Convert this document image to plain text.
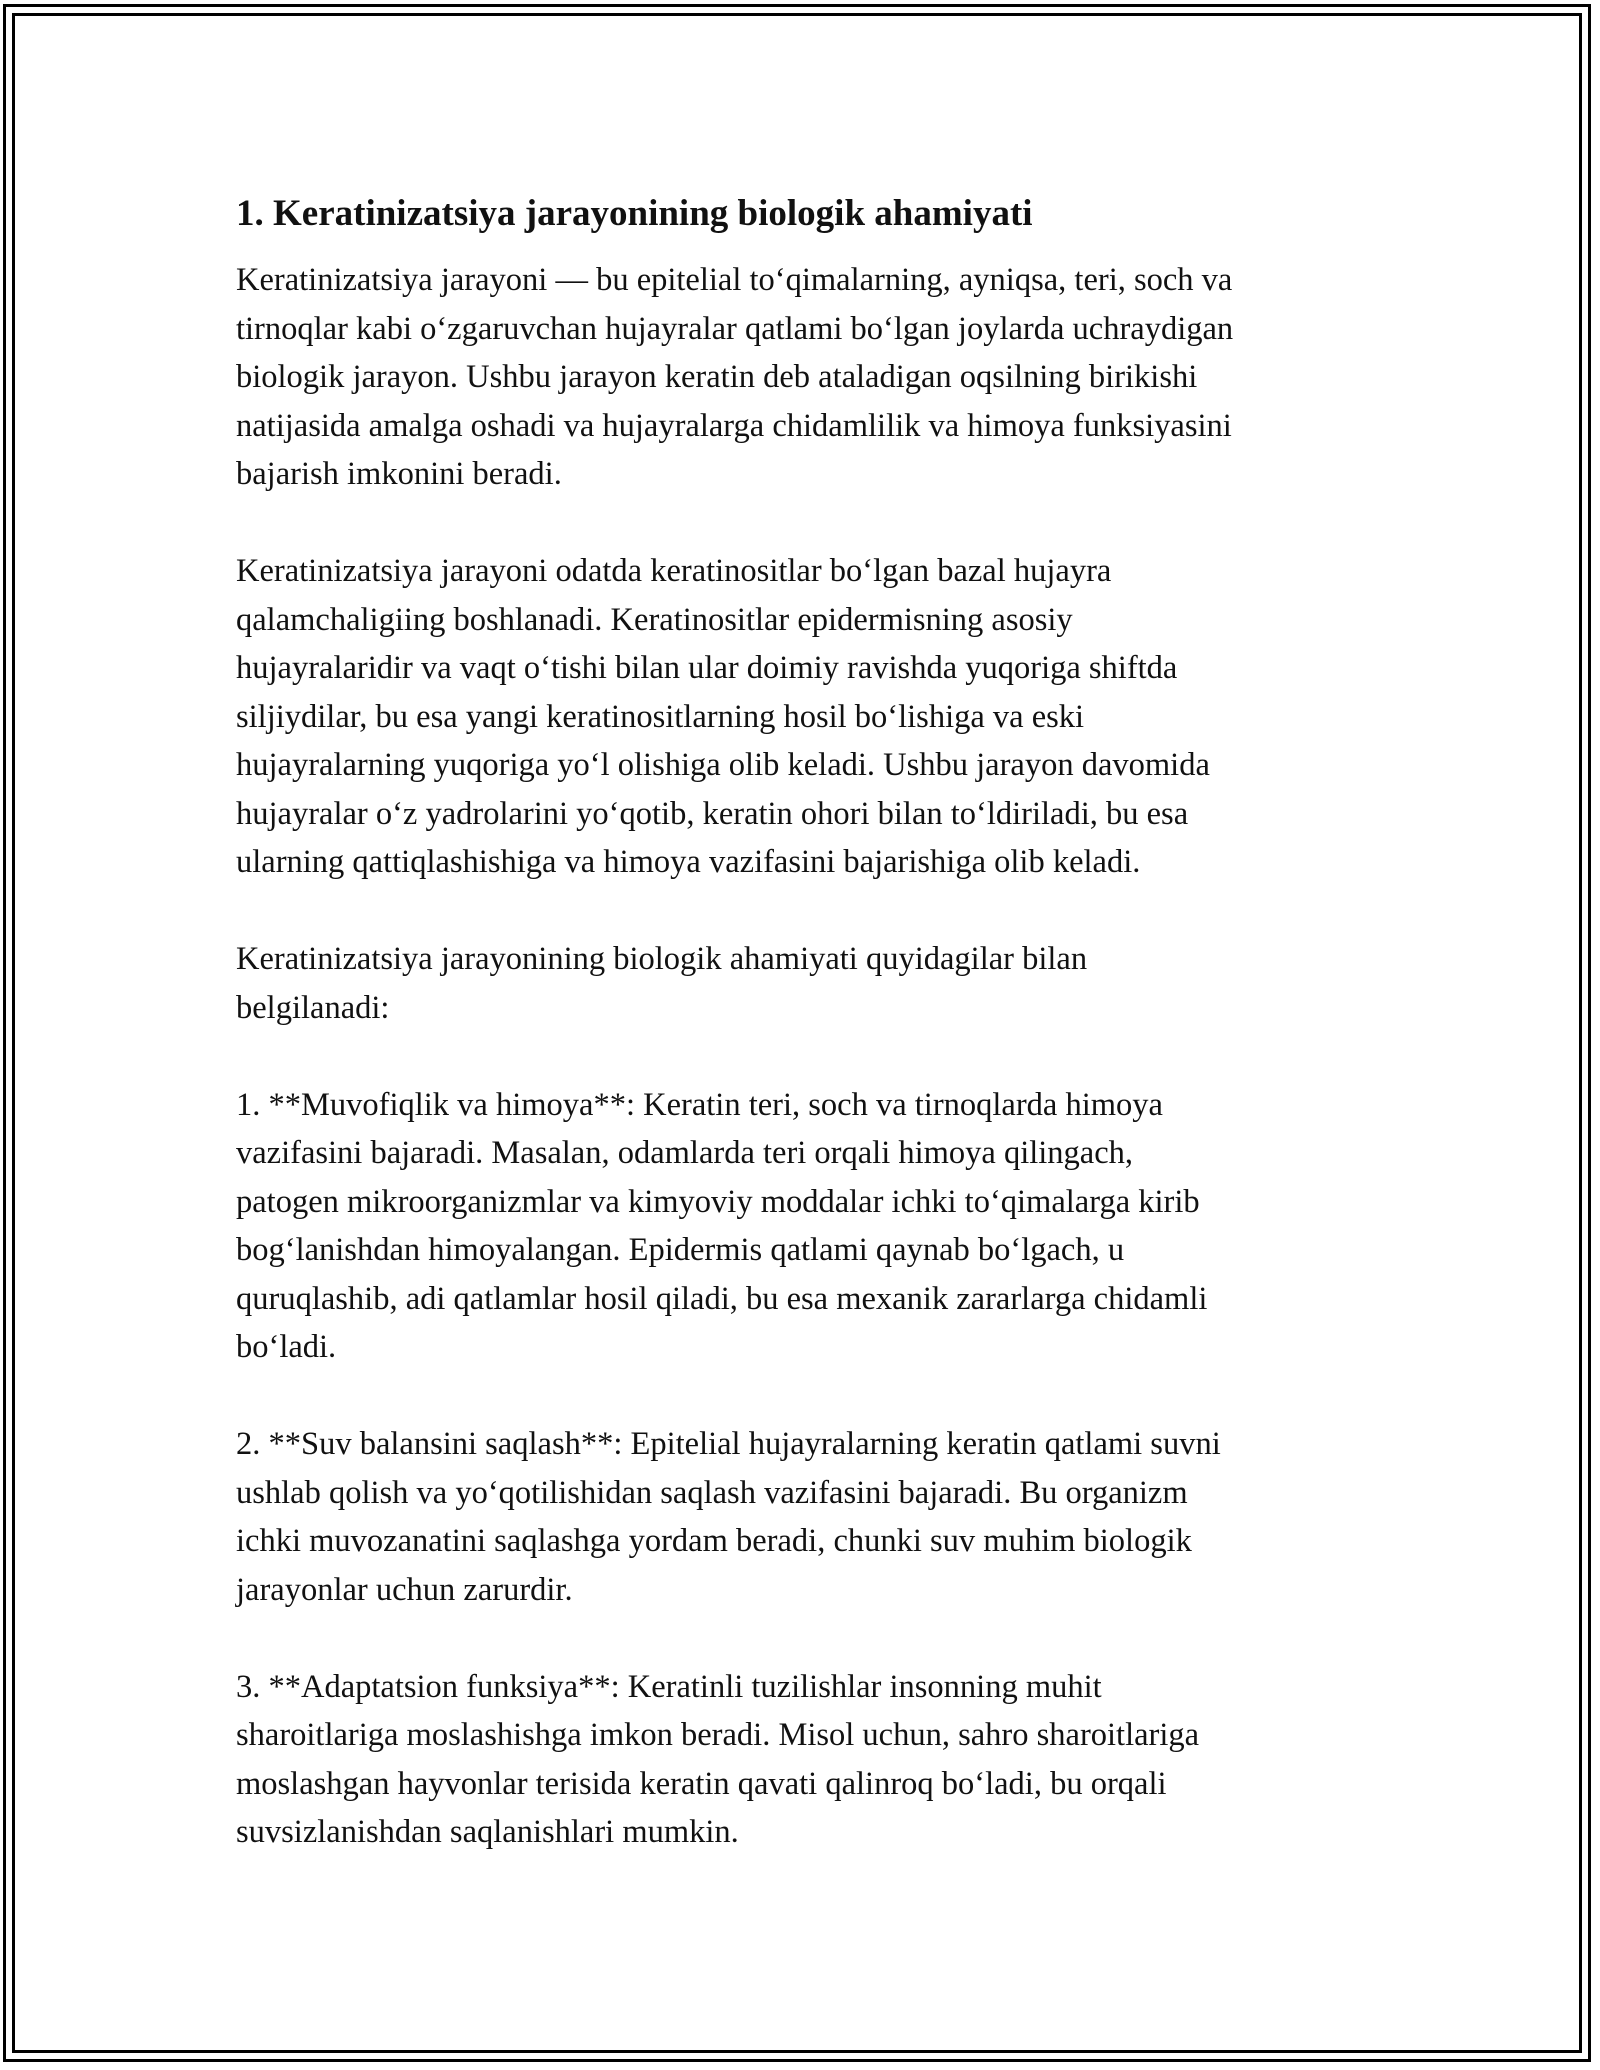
1. Keratinizatsiya jarayonining biologik ahamiyati

Keratinizatsiya jarayoni — bu epitelial to‘qimalarning, ayniqsa, teri, soch va
tirnoqlar kabi o‘zgaruvchan hujayralar qatlami bo‘lgan joylarda uchraydigan
biologik jarayon. Ushbu jarayon keratin deb ataladigan oqsilning birikishi
natijasida amalga oshadi va hujayralarga chidamlilik va himoya funksiyasini
bajarish imkonini beradi.

Keratinizatsiya jarayoni odatda keratinositlar bo‘lgan bazal hujayra
qalamchaligiing boshlanadi. Keratinositlar epidermisning asosiy
hujayralaridir va vaqt o‘tishi bilan ular doimiy ravishda yuqoriga shiftda
siljiydilar, bu esa yangi keratinositlarning hosil bo‘lishiga va eski
hujayralarning yuqoriga yo‘l olishiga olib keladi. Ushbu jarayon davomida
hujayralar o‘z yadrolarini yo‘qotib, keratin ohori bilan to‘ldiriladi, bu esa
ularning qattiqlashishiga va himoya vazifasini bajarishiga olib keladi.

Keratinizatsiya jarayonining biologik ahamiyati quyidagilar bilan
belgilanadi:

1. **Muvofiqlik va himoya**: Keratin teri, soch va tirnoqlarda himoya
vazifasini bajaradi. Masalan, odamlarda teri orqali himoya qilingach,
patogen mikroorganizmlar va kimyoviy moddalar ichki to‘qimalarga kirib
bog‘lanishdan himoyalangan. Epidermis qatlami qaynab bo‘lgach, u
quruqlashib, adi qatlamlar hosil qiladi, bu esa mexanik zararlarga chidamli
bo‘ladi.

2. **Suv balansini saqlash**: Epitelial hujayralarning keratin qatlami suvni
ushlab qolish va yo‘qotilishidan saqlash vazifasini bajaradi. Bu organizm
ichki muvozanatini saqlashga yordam beradi, chunki suv muhim biologik
jarayonlar uchun zarurdir.

3. **Adaptatsion funksiya**: Keratinli tuzilishlar insonning muhit
sharoitlariga moslashishga imkon beradi. Misol uchun, sahro sharoitlariga
moslashgan hayvonlar terisida keratin qavati qalinroq bo‘ladi, bu orqali
suvsizlanishdan saqlanishlari mumkin.
